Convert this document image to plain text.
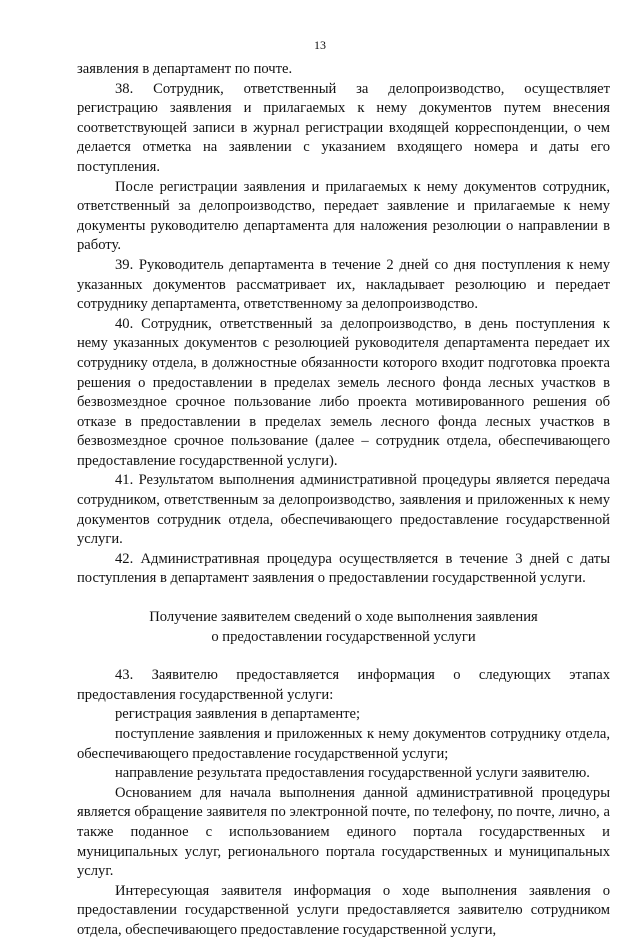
13

заявления в департамент по почте.

38. Сотрудник, ответственный за делопроизводство, осуществляет регистрацию заявления и прилагаемых к нему документов путем внесения соответствующей записи в журнал регистрации входящей корреспонденции, о чем делается отметка на заявлении с указанием входящего номера и даты его поступления.

После регистрации заявления и прилагаемых к нему документов сотрудник, ответственный за делопроизводство, передает заявление и прилагаемые к нему документы руководителю департамента для наложения резолюции о направлении в работу.

39. Руководитель департамента в течение 2 дней со дня поступления к нему указанных документов рассматривает их, накладывает резолюцию и передает сотруднику департамента, ответственному за делопроизводство.

40. Сотрудник, ответственный за делопроизводство, в день поступления к нему указанных документов с резолюцией руководителя департамента передает их сотруднику отдела, в должностные обязанности которого входит подготовка проекта решения о предоставлении в пределах земель лесного фонда лесных участков в безвозмездное срочное пользование либо проекта мотивированного решения об отказе в предоставлении в пределах земель лесного фонда лесных участков в безвозмездное срочное пользование (далее – сотрудник отдела, обеспечивающего предоставление государственной услуги).

41. Результатом выполнения административной процедуры является передача сотрудником, ответственным за делопроизводство, заявления и приложенных к нему документов сотрудник отдела, обеспечивающего предоставление государственной услуги.

42. Административная процедура осуществляется в течение 3 дней с даты поступления в департамент заявления о предоставлении государственной услуги.

Получение заявителем сведений о ходе выполнения заявления
о предоставлении государственной услуги

43. Заявителю предоставляется информация о следующих этапах предоставления государственной услуги:

регистрация заявления в департаменте;

поступление заявления и приложенных к нему документов сотруднику отдела, обеспечивающего предоставление государственной услуги;

направление результата предоставления государственной услуги заявителю.

Основанием для начала выполнения данной административной процедуры является обращение заявителя по электронной почте, по телефону, по почте, лично, а также поданное с использованием единого портала государственных и муниципальных услуг, регионального портала государственных и муниципальных услуг.

Интересующая заявителя информация о ходе выполнения заявления о предоставлении государственной услуги предоставляется заявителю сотрудником отдела, обеспечивающего предоставление государственной услуги,
